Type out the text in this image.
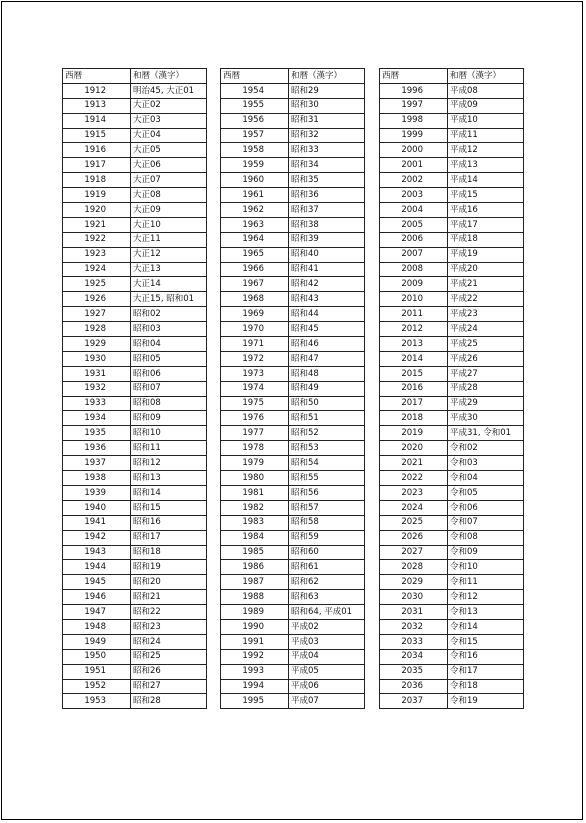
西暦	和暦（漢字）
1912	明治45, 大正01
1913	大正02
1914	大正03
1915	大正04
1916	大正05
1917	大正06
1918	大正07
1919	大正08
1920	大正09
1921	大正10
1922	大正11
1923	大正12
1924	大正13
1925	大正14
1926	大正15, 昭和01
1927	昭和02
1928	昭和03
1929	昭和04
1930	昭和05
1931	昭和06
1932	昭和07
1933	昭和08
1934	昭和09
1935	昭和10
1936	昭和11
1937	昭和12
1938	昭和13
1939	昭和14
1940	昭和15
1941	昭和16
1942	昭和17
1943	昭和18
1944	昭和19
1945	昭和20
1946	昭和21
1947	昭和22
1948	昭和23
1949	昭和24
1950	昭和25
1951	昭和26
1952	昭和27
1953	昭和28
西暦	和暦（漢字）
1954	昭和29
1955	昭和30
1956	昭和31
1957	昭和32
1958	昭和33
1959	昭和34
1960	昭和35
1961	昭和36
1962	昭和37
1963	昭和38
1964	昭和39
1965	昭和40
1966	昭和41
1967	昭和42
1968	昭和43
1969	昭和44
1970	昭和45
1971	昭和46
1972	昭和47
1973	昭和48
1974	昭和49
1975	昭和50
1976	昭和51
1977	昭和52
1978	昭和53
1979	昭和54
1980	昭和55
1981	昭和56
1982	昭和57
1983	昭和58
1984	昭和59
1985	昭和60
1986	昭和61
1987	昭和62
1988	昭和63
1989	昭和64, 平成01
1990	平成02
1991	平成03
1992	平成04
1993	平成05
1994	平成06
1995	平成07
西暦	和暦（漢字）
1996	平成08
1997	平成09
1998	平成10
1999	平成11
2000	平成12
2001	平成13
2002	平成14
2003	平成15
2004	平成16
2005	平成17
2006	平成18
2007	平成19
2008	平成20
2009	平成21
2010	平成22
2011	平成23
2012	平成24
2013	平成25
2014	平成26
2015	平成27
2016	平成28
2017	平成29
2018	平成30
2019	平成31, 令和01
2020	令和02
2021	令和03
2022	令和04
2023	令和05
2024	令和06
2025	令和07
2026	令和08
2027	令和09
2028	令和10
2029	令和11
2030	令和12
2031	令和13
2032	令和14
2033	令和15
2034	令和16
2035	令和17
2036	令和18
2037	令和19
